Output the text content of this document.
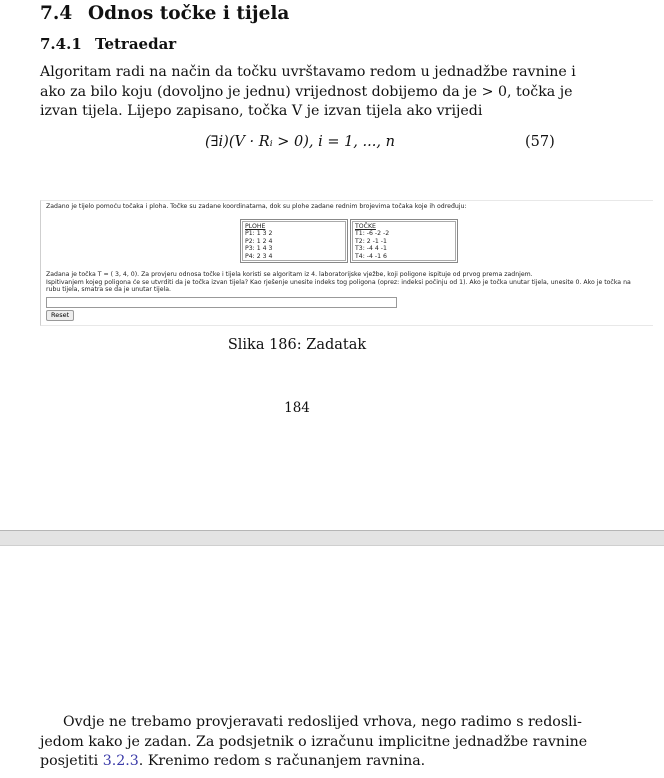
7.4 Odnos točke i tijela
7.4.1 Tetraedar
Algoritam radi na način da točku uvrštavamo redom u jednadžbe ravnine i
ako za bilo koju (dovoljno je jednu) vrijednost dobijemo da je > 0, točka je
izvan tijela. Lijepo zapisano, točka V je izvan tijela ako vrijedi
(∃i)(V · Rᵢ > 0), i = 1, ..., n	(57)
Zadano je tijelo pomoću točaka i ploha. Točke su zadane koordinatama, dok su plohe zadane rednim brojevima točaka koje ih određuju:
PLOHE
P1: 1 3 2
P2: 1 2 4
P3: 1 4 3
P4: 2 3 4
TOČKE
T1: -6 -2 -2
T2: 2 -1 -1
T3: -4 4 -1
T4: -4 -1 6
Zadana je točka T = ( 3, 4, 0). Za provjeru odnosa točke i tijela koristi se algoritam iz 4. laboratorijske vježbe, koji poligone ispituje od prvog prema zadnjem.
Ispitivanjem kojeg poligona će se utvrditi da je točka izvan tijela? Kao rješenje unesite indeks tog poligona (oprez: indeksi počinju od 1). Ako je točka unutar tijela, unesite 0. Ako je točka na
rubu tijela, smatra se da je unutar tijela.
Reset
Slika 186: Zadatak
184
Ovdje ne trebamo provjeravati redoslijed vrhova, nego radimo s redosli-
jedom kako je zadan. Za podsjetnik o izračunu implicitne jednadžbe ravnine
posjetiti 3.2.3. Krenimo redom s računanjem ravnina.
